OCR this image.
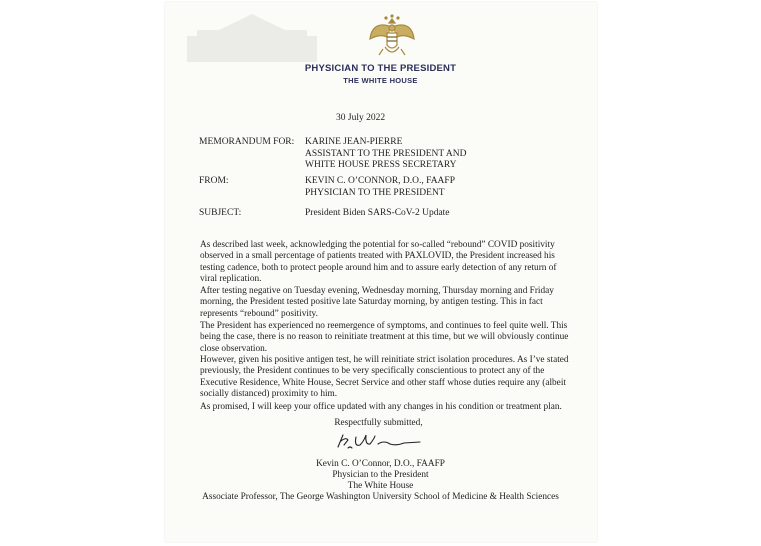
PHYSICIAN TO THE PRESIDENT
THE WHITE HOUSE
30 July 2022
MEMORANDUM FOR:	KARINE JEAN-PIERRE
ASSISTANT TO THE PRESIDENT AND
WHITE HOUSE PRESS SECRETARY
FROM:	KEVIN C. O’CONNOR, D.O., FAAFP
PHYSICIAN TO THE PRESIDENT
SUBJECT:	President Biden SARS-CoV-2 Update

As described last week, acknowledging the potential for so-called “rebound” COVID positivity observed in a small percentage of patients treated with PAXLOVID, the President increased his testing cadence, both to protect people around him and to assure early detection of any return of viral replication.

After testing negative on Tuesday evening, Wednesday morning, Thursday morning and Friday morning, the President tested positive late Saturday morning, by antigen testing. This in fact represents “rebound” positivity.

The President has experienced no reemergence of symptoms, and continues to feel quite well. This being the case, there is no reason to reinitiate treatment at this time, but we will obviously continue close observation.

However, given his positive antigen test, he will reinitiate strict isolation procedures. As I’ve stated previously, the President continues to be very specifically conscientious to protect any of the Executive Residence, White House, Secret Service and other staff whose duties require any (albeit socially distanced) proximity to him.

As promised, I will keep your office updated with any changes in his condition or treatment plan.

Respectfully submitted,
Kevin C. O’Connor, D.O., FAAFP
Physician to the President
The White House
Associate Professor, The George Washington University School of Medicine & Health Sciences
